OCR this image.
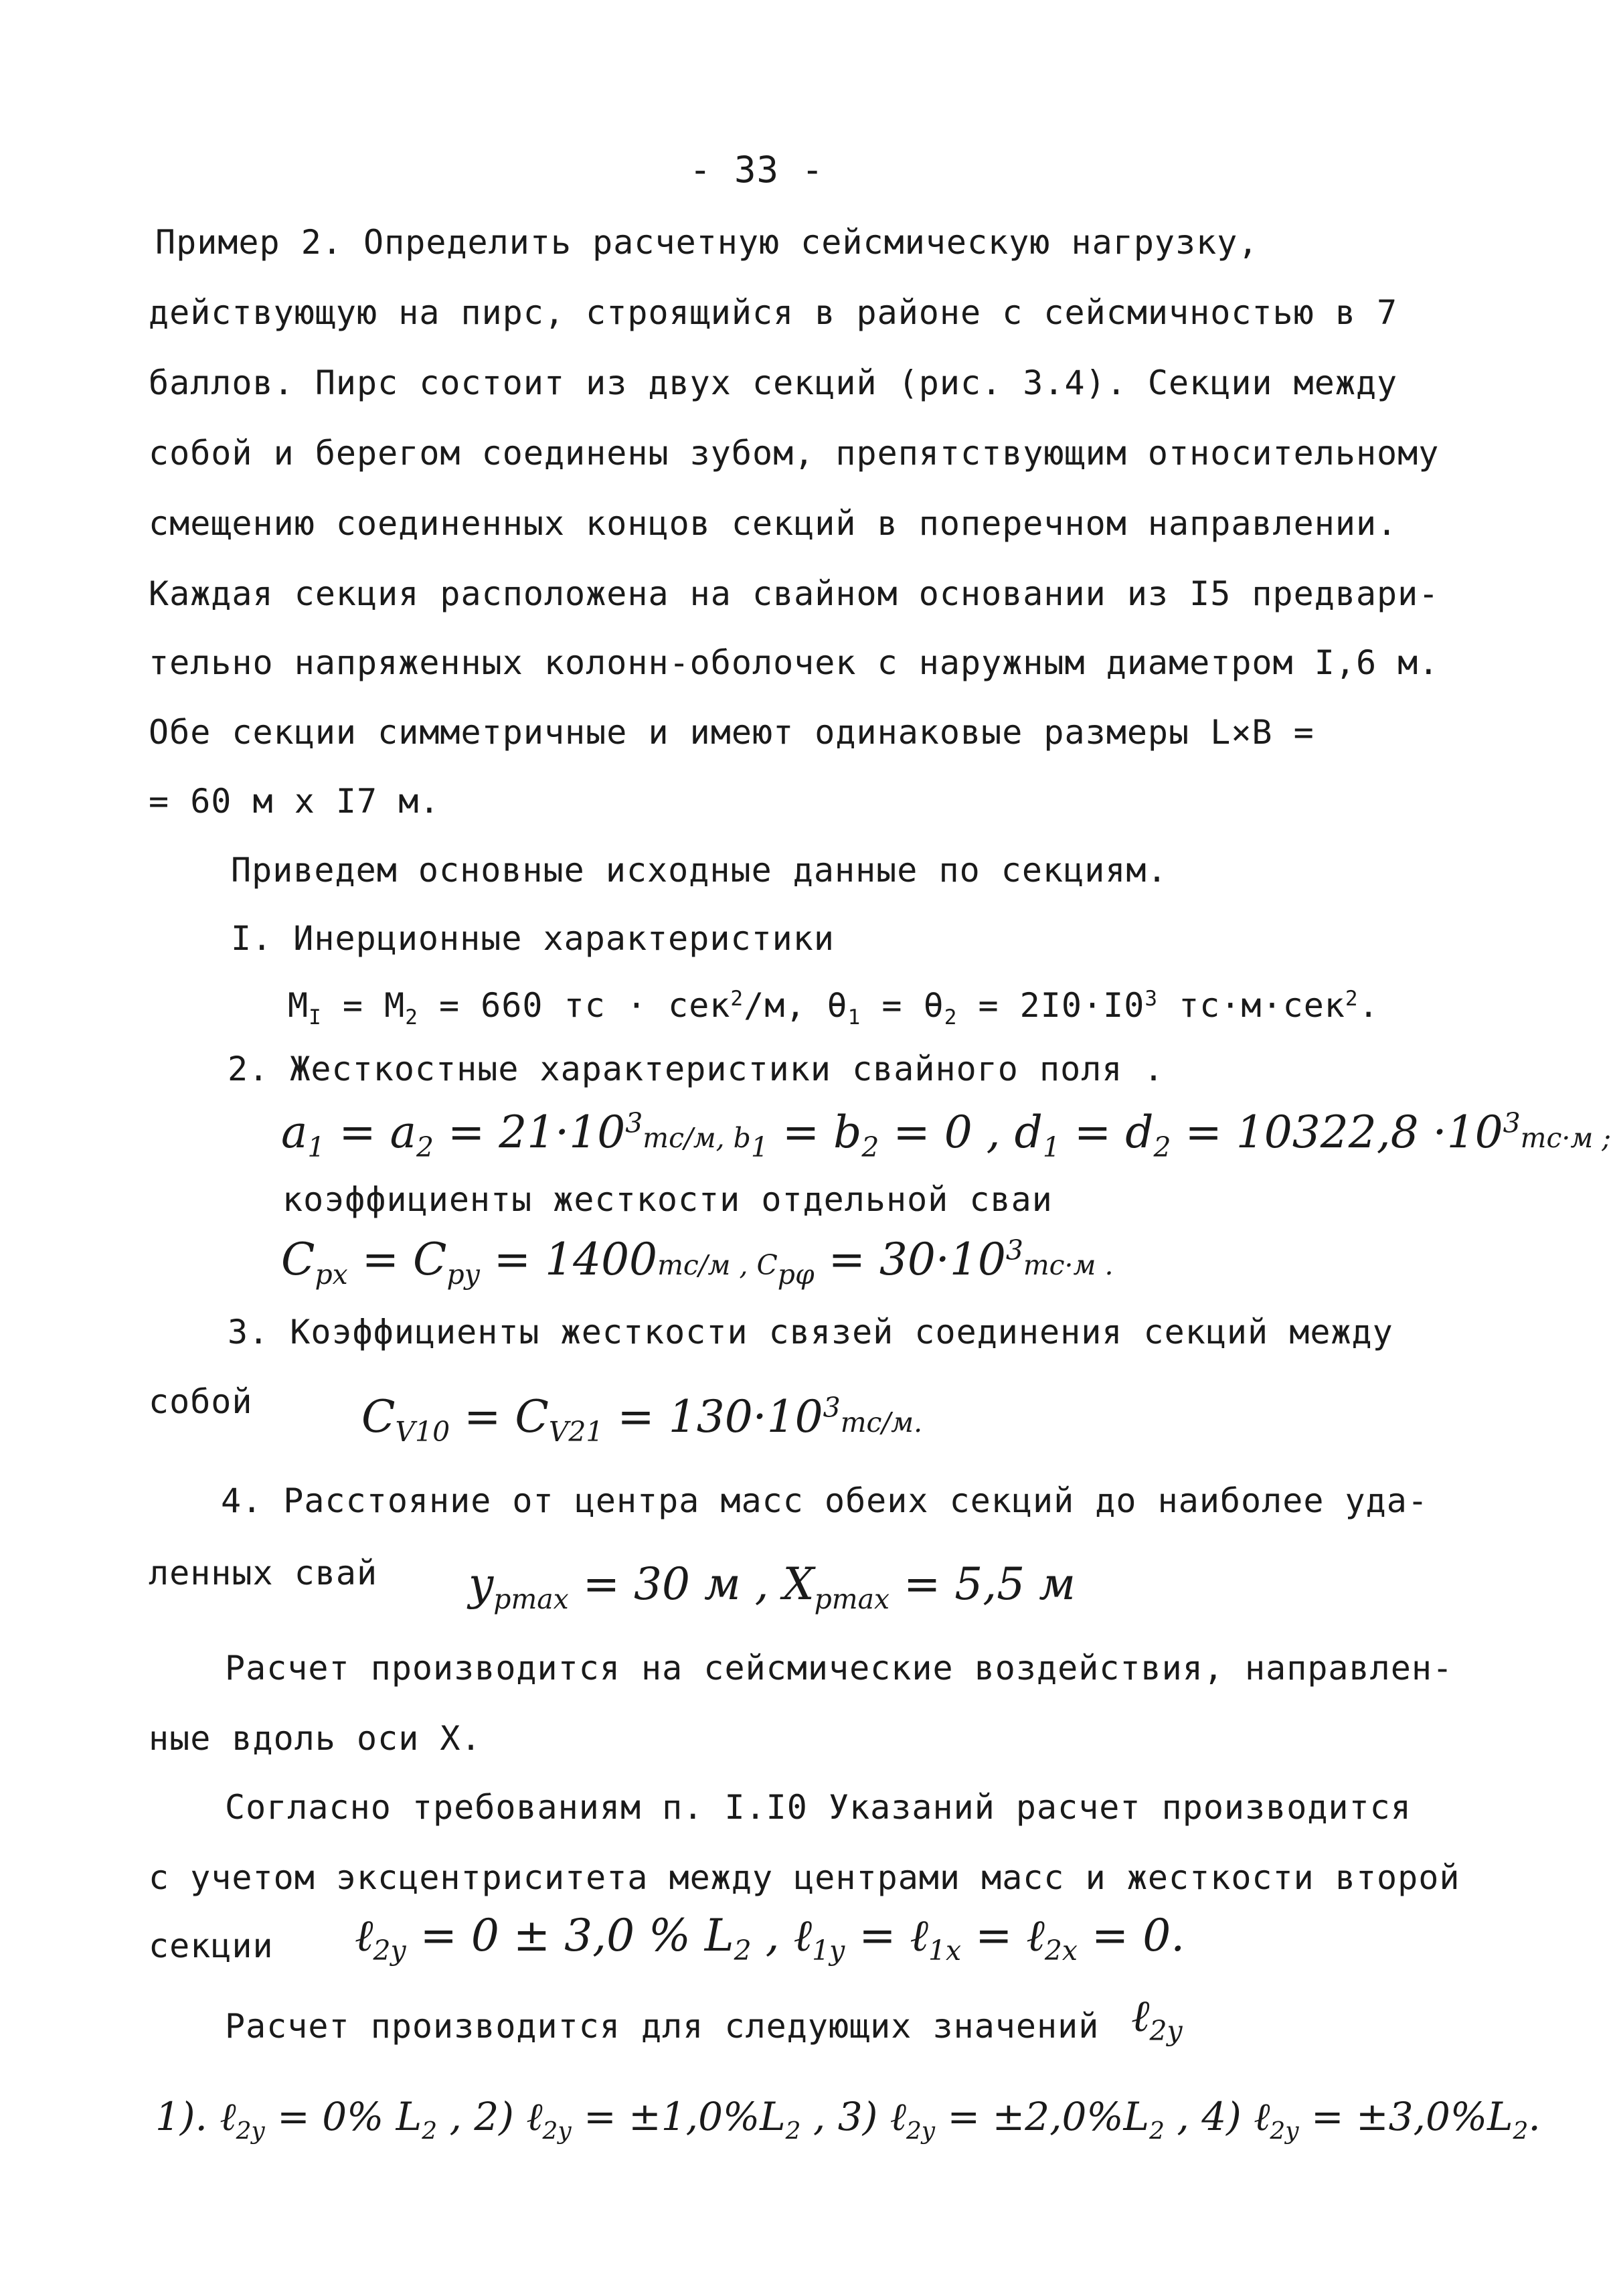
- 33 -
Пример 2. Определить расчетную сейсмическую нагрузку,
действующую на пирс, строящийся в районе с сейсмичностью в 7
баллов. Пирс состоит из двух секций (рис. 3.4). Секции между
собой и берегом соединены зубом, препятствующим относительному
смещению соединенных концов секций в поперечном направлении.
Каждая секция расположена на свайном основании из I5 предвари-
тельно напряженных колонн-оболочек с наружным диаметром I,6 м.
Обе секции симметричные и имеют одинаковые размеры L×B =
= 60 м х I7 м.
Приведем основные исходные данные по секциям.
I. Инерционные характеристики
$M_I = M_2 = 660$ тс · сек$^2$/м, $\theta_1 = \theta_2 = 2I0\cdot I0^3$ тс·м·сек$^2$.
2. Жесткостные характеристики свайного поля .
$a_1 = a_2 = 21\cdot 10^3тс/м$, $b_1 = b_2 = 0$ , $d_1 = d_2 = 10322,8 \cdot 10^3тс\cdot м$ ;
коэффициенты жесткости отдельной сваи
$C_{px} = C_{py} = 1400тс/м$ , $C_{p\varphi} = 30\cdot 10^3тс\cdot м$ .
3. Коэффициенты жесткости связей соединения секций между
собой $C_{V10} = C_{V21} = 130\cdot 10^3тс/м$.
4. Расстояние от центра масс обеих секций до наиболее уда-
ленных свай $y_{pmax} = 30$ м , $X_{pmax} = 5,5$ м
Расчет производится на сейсмические воздействия, направлен-
ные вдоль оси X.
Согласно требованиям п. I.I0 Указаний расчет производится
с учетом эксцентриситета между центрами масс и жесткости второй
секции ℓ$_{2y}$ = 0 ± 3,0 % $L_2$ , ℓ$_{1y}$ = ℓ$_{1x}$ = ℓ$_{2x}$ = 0.
Расчет производится для следующих значений ℓ$_{2y}$
1). ℓ$_{2y}$ = 0% $L_2$ , 2) ℓ$_{2y}$ = $\pm 1,0\%L_2$ , 3) ℓ$_{2y}$ = $\pm 2,0\%L_2$ , 4) ℓ$_{2y}$ = $\pm 3,0\%L_2$.
